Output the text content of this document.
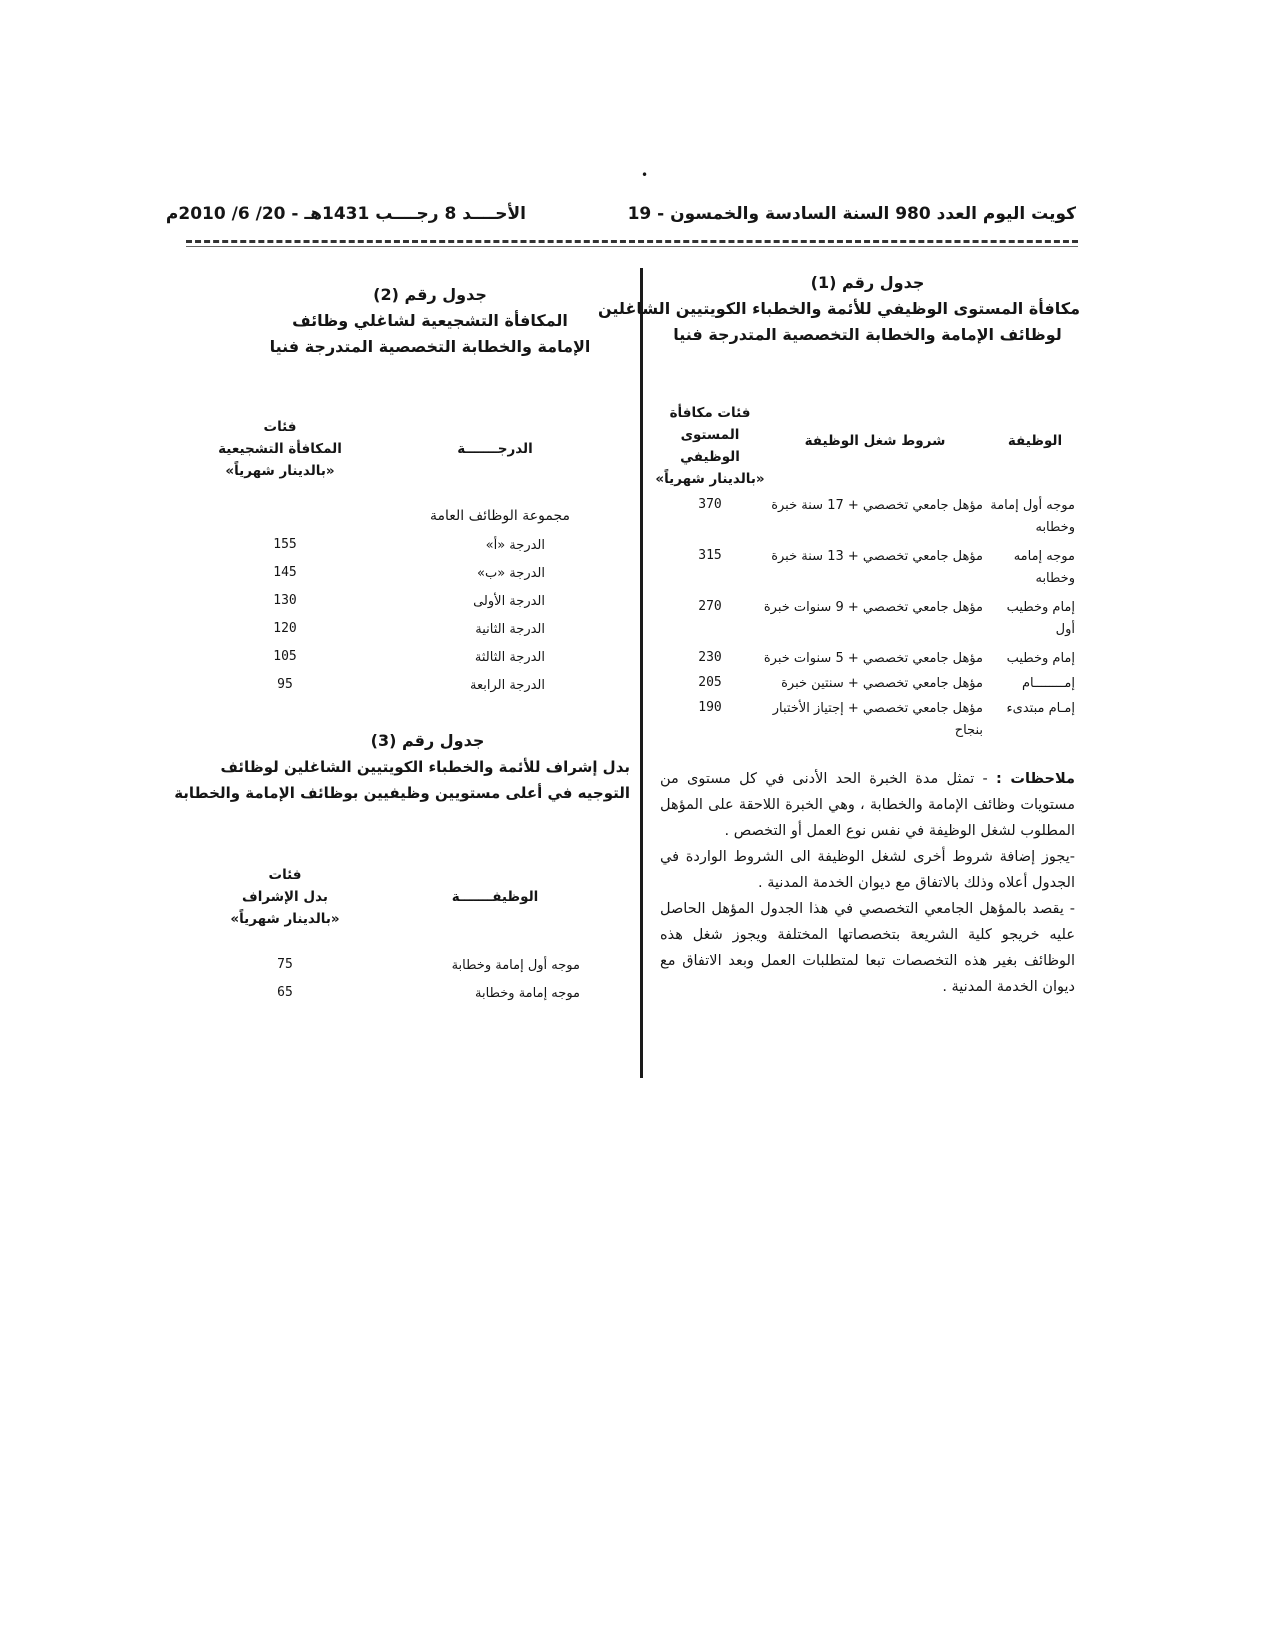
•
الأحــــد 8 رجــــب 1431هـ - 20/ 6/ 2010م	كويت اليوم العدد 980 السنة السادسة والخمسون - 19
جدول رقم (1)
مكافأة المستوى الوظيفي للأئمة والخطباء الكويتيين الشاغلين
لوظائف الإمامة والخطابة التخصصية المتدرجة فنيا
فئات مكافأة
المستوى الوظيفي
«بالدينار شهرياً»
شروط شغل الوظيفة	الوظيفة
موجه أول إمامة وخطابه
مؤهل جامعي تخصصي + 17 سنة خبرة
370
موجه إمامه وخطابه
مؤهل جامعي تخصصي + 13 سنة خبرة
315
إمام وخطيب أول
مؤهل جامعي تخصصي + 9 سنوات خبرة
270
إمام وخطيب
مؤهل جامعي تخصصي + 5 سنوات خبرة
230
إمــــــــام
مؤهل جامعي تخصصي + سنتين خبرة
205
إمـام مبتدىء
مؤهل جامعي تخصصي + إجتياز الأختبار بنجاح
190

ملاحظات : - تمثل مدة الخبرة الحد الأدنى في كل مستوى من مستويات وظائف الإمامة والخطابة ، وهي الخبرة اللاحقة على المؤهل المطلوب لشغل الوظيفة في نفس نوع العمل أو التخصص .

-يجوز إضافة شروط أخرى لشغل الوظيفة الى الشروط الواردة في الجدول أعلاه وذلك بالاتفاق مع ديوان الخدمة المدنية .

- يقصد بالمؤهل الجامعي التخصصي في هذا الجدول المؤهل الحاصل عليه خريجو كلية الشريعة بتخصصاتها المختلفة ويجوز شغل هذه الوظائف بغير هذه التخصصات تبعا لمتطلبات العمل وبعد الاتفاق مع ديوان الخدمة المدنية .

جدول رقم (2)
المكافأة التشجيعية لشاغلي وظائف
الإمامة والخطابة التخصصية المتدرجة فنيا
فئات
المكافأة التشجيعية
«بالدينار شهرياً»
الدرجـــــــة
مجموعة الوظائف العامة
الدرجة «أ»
155
الدرجة «ب»
145
الدرجة الأولى
130
الدرجة الثانية
120
الدرجة الثالثة
105
الدرجة الرابعة
95
جدول رقم (3)
بدل إشراف للأئمة والخطباء الكويتيين الشاغلين لوظائف
التوجيه في أعلى مستويين وظيفيين بوظائف الإمامة والخطابة
فئات
بدل الإشراف
«بالدينار شهرياً»
الوظيفـــــــة
موجه أول إمامة وخطابة
75
موجه إمامة وخطابة
65
